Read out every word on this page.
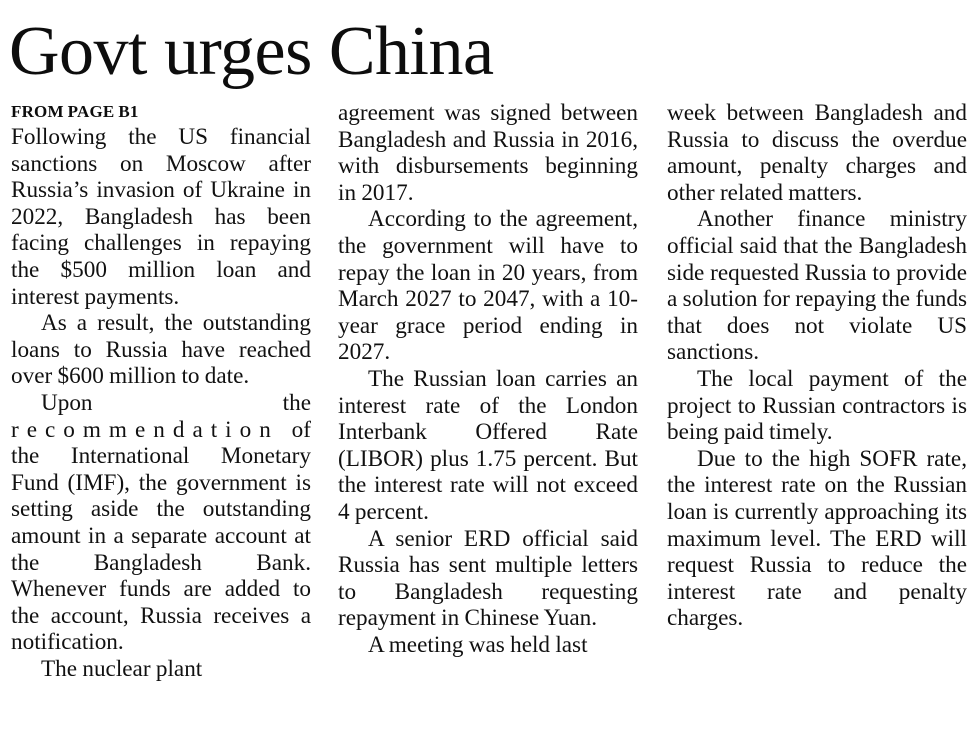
Govt urges China
FROM PAGE B1

Following the US financial sanctions on Moscow after Russia’s invasion of Ukraine in 2022, Bangladesh has been facing challenges in repaying the $500 million loan and interest payments.

As a result, the outstanding loans to Russia have reached over $600 million to date.

Upon the recommendation of the International Monetary Fund (IMF), the government is setting aside the outstanding amount in a separate account at the Bangladesh Bank. Whenever funds are added to the account, Russia receives a notification.

The nuclear plant

agreement was signed between Bangladesh and Russia in 2016, with disbursements beginning in 2017.

According to the agreement, the government will have to repay the loan in 20 years, from March 2027 to 2047, with a 10-year grace period ending in 2027.

The Russian loan carries an interest rate of the London Interbank Offered Rate (LIBOR) plus 1.75 percent. But the interest rate will not exceed 4 percent.

A senior ERD official said Russia has sent multiple letters to Bangladesh requesting repayment in Chinese Yuan.

A meeting was held last

week between Bangladesh and Russia to discuss the overdue amount, penalty charges and other related matters.

Another finance ministry official said that the Bangladesh side requested Russia to provide a solution for repaying the funds that does not violate US sanctions.

The local payment of the project to Russian contractors is being paid timely.

Due to the high SOFR rate, the interest rate on the Russian loan is currently approaching its maximum level. The ERD will request Russia to reduce the interest rate and penalty charges.
